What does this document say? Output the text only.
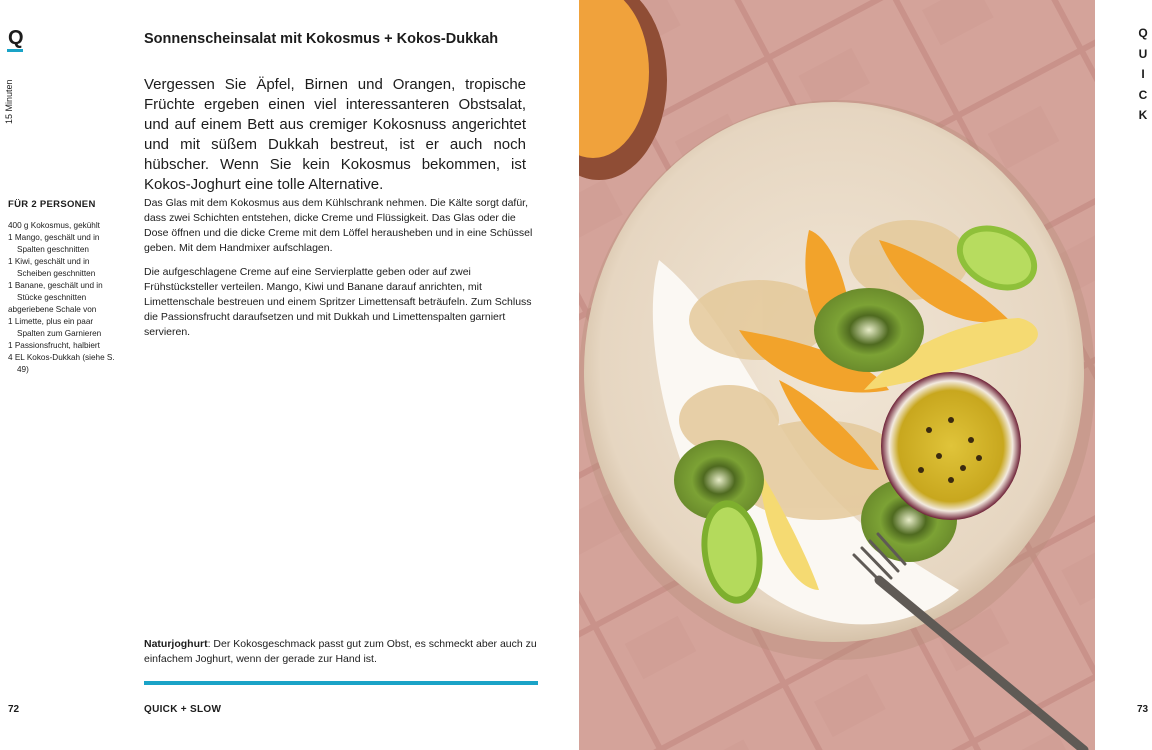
Q
15 Minuten
FÜR 2 PERSONEN
400 g Kokosmus, gekühlt
1 Mango, geschält und in Spalten geschnitten
1 Kiwi, geschält und in Scheiben geschnitten
1 Banane, geschält und in Stücke geschnitten
abgeriebene Schale von
1 Limette, plus ein paar Spalten zum Garnieren
1 Passionsfrucht, halbiert
4 EL Kokos-Dukkah (siehe S. 49)
Sonnenscheinsalat mit Kokosmus + Kokos-Dukkah

Vergessen Sie Äpfel, Birnen und Orangen, tropische Früchte ergeben einen viel interessanteren Obstsalat, und auf einem Bett aus cremiger Kokosnuss angerichtet und mit süßem Dukkah bestreut, ist er auch noch hübscher. Wenn Sie kein Kokosmus bekommen, ist Kokos-Joghurt eine tolle Alternative.

Das Glas mit dem Kokosmus aus dem Kühlschrank nehmen. Die Kälte sorgt dafür, dass zwei Schichten entstehen, dicke Creme und Flüssigkeit. Das Glas oder die Dose öffnen und die dicke Creme mit dem Löffel herausheben und in eine Schüssel geben. Mit dem Handmixer aufschlagen.

Die aufgeschlagene Creme auf eine Servierplatte geben oder auf zwei Frühstücksteller verteilen. Mango, Kiwi und Banane darauf anrichten, mit Limettenschale bestreuen und einem Spritzer Limettensaft beträufeln. Zum Schluss die Passionsfrucht daraufsetzen und mit Dukkah und Limettenspalten garniert servieren.

Naturjoghurt: Der Kokosgeschmack passt gut zum Obst, es schmeckt aber auch zu einfachem Joghurt, wenn der gerade zur Hand ist.

72	QUICK + SLOW	73
Q
U
I
C
K
